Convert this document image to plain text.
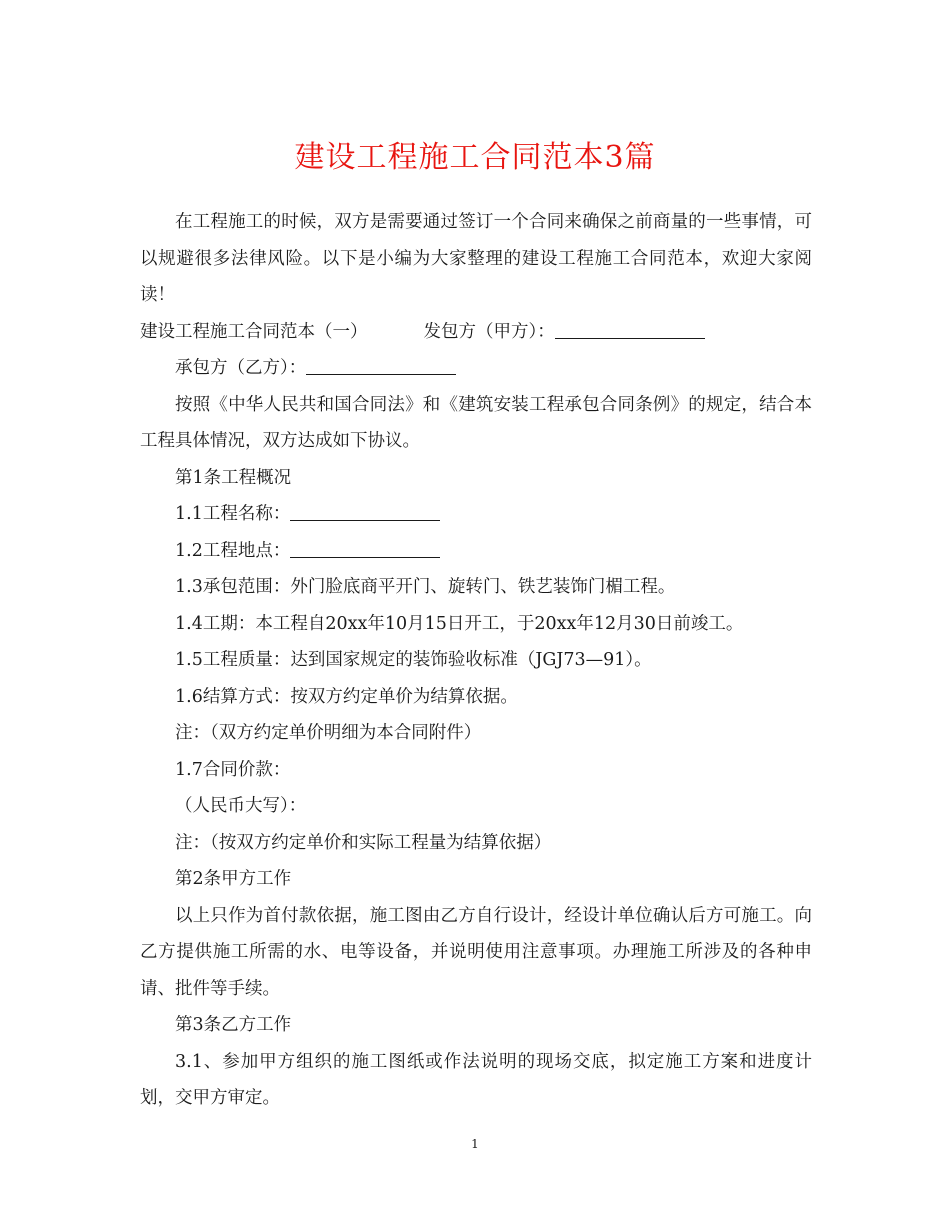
建设工程施工合同范本3篇

在工程施工的时候，双方是需要通过签订一个合同来确保之前商量的一些事情，可以规避很多法律风险。以下是小编为大家整理的建设工程施工合同范本，欢迎大家阅读！

建设工程施工合同范本（一）	发包方（甲方）：

承包方（乙方）：

按照《中华人民共和国合同法》和《建筑安装工程承包合同条例》的规定，结合本工程具体情况，双方达成如下协议。

第1条工程概况

1.1工程名称：

1.2工程地点：

1.3承包范围：外门脸底商平开门、旋转门、铁艺装饰门楣工程。

1.4工期：本工程自20xx年10月15日开工，于20xx年12月30日前竣工。

1.5工程质量：达到国家规定的装饰验收标准（JGJ73—91）。

1.6结算方式：按双方约定单价为结算依据。

注：（双方约定单价明细为本合同附件）

1.7合同价款：

（人民币大写）：

注：（按双方约定单价和实际工程量为结算依据）

第2条甲方工作

以上只作为首付款依据，施工图由乙方自行设计，经设计单位确认后方可施工。向乙方提供施工所需的水、电等设备，并说明使用注意事项。办理施工所涉及的各种申请、批件等手续。

第3条乙方工作

3.1、参加甲方组织的施工图纸或作法说明的现场交底，拟定施工方案和进度计划，交甲方审定。

1
